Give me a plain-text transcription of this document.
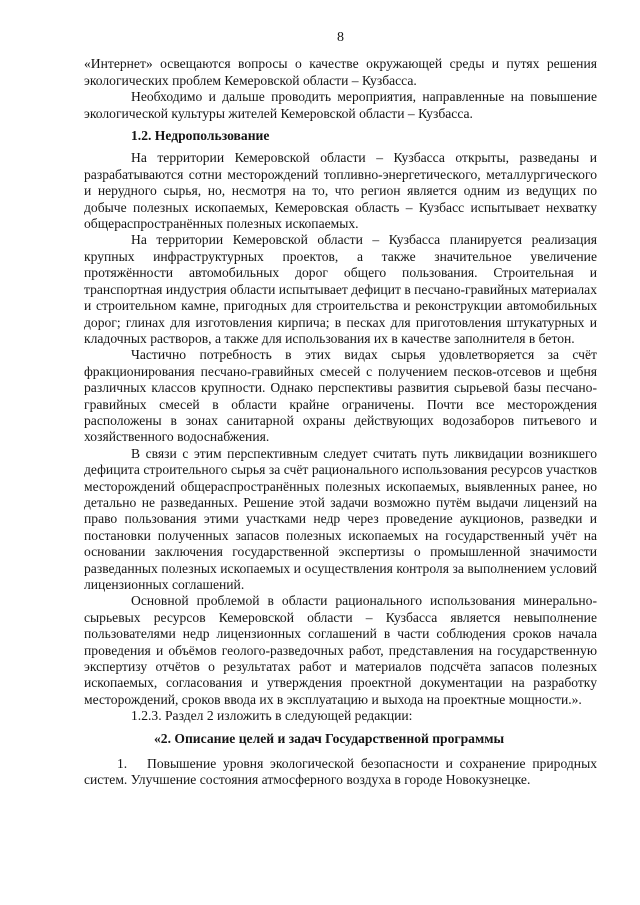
8

«Интернет» освещаются вопросы о качестве окружающей среды и путях решения экологических проблем Кемеровской области – Кузбасса.

Необходимо и дальше проводить мероприятия, направленные на повышение экологической культуры жителей Кемеровской области – Кузбасса.

1.2. Недропользование

На территории Кемеровской области – Кузбасса открыты, разведаны и разрабатываются сотни месторождений топливно-энергетического, металлургического и нерудного сырья, но, несмотря на то, что регион является одним из ведущих по добыче полезных ископаемых, Кемеровская область – Кузбасс испытывает нехватку общераспространённых полезных ископаемых.

На территории Кемеровской области – Кузбасса планируется реализация крупных инфраструктурных проектов, а также значительное увеличение протяжённости автомобильных дорог общего пользования. Строительная и транспортная индустрия области испытывает дефицит в песчано-гравийных материалах и строительном камне, пригодных для строительства и реконструкции автомобильных дорог; глинах для изготовления кирпича; в песках для приготовления штукатурных и кладочных растворов, а также для использования их в качестве заполнителя в бетон.

Частично потребность в этих видах сырья удовлетворяется за счёт фракционирования песчано-гравийных смесей с получением песков-отсевов и щебня различных классов крупности. Однако перспективы развития сырьевой базы песчано-гравийных смесей в области крайне ограничены. Почти все месторождения расположены в зонах санитарной охраны действующих водозаборов питьевого и хозяйственного водоснабжения.

В связи с этим перспективным следует считать путь ликвидации возникшего дефицита строительного сырья за счёт рационального использования ресурсов участков месторождений общераспространённых полезных ископаемых, выявленных ранее, но детально не разведанных. Решение этой задачи возможно путём выдачи лицензий на право пользования этими участками недр через проведение аукционов, разведки и постановки полученных запасов полезных ископаемых на государственный учёт на основании заключения государственной экспертизы о промышленной значимости разведанных полезных ископаемых и осуществления контроля за выполнением условий лицензионных соглашений.

Основной проблемой в области рационального использования минерально-сырьевых ресурсов Кемеровской области – Кузбасса является невыполнение пользователями недр лицензионных соглашений в части соблюдения сроков начала проведения и объёмов геолого-разведочных работ, представления на государственную экспертизу отчётов о результатах работ и материалов подсчёта запасов полезных ископаемых, согласования и утверждения проектной документации на разработку месторождений, сроков ввода их в эксплуатацию и выхода на проектные мощности.».

1.2.3. Раздел 2 изложить в следующей редакции:

«2. Описание целей и задач Государственной программы

1. Повышение уровня экологической безопасности и сохранение природных систем. Улучшение состояния атмосферного воздуха в городе Новокузнецке.
